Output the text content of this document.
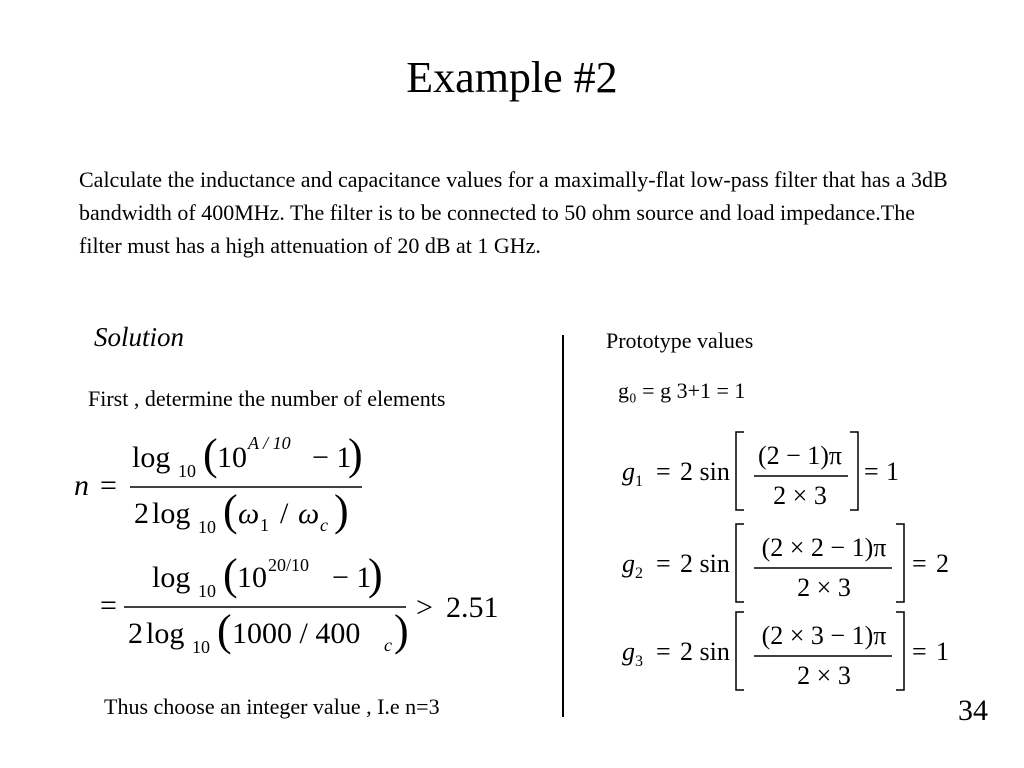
Example #2
Calculate the inductance and capacitance values for a maximally-flat low-pass filter that has a 3dB bandwidth of 400MHz. The filter is to be connected to 50 ohm source and load impedance.The filter must has a high attenuation of 20 dB at 1 GHz.
Solution
First , determine the number of elements
Prototype values
n =
log 10 ( 10 A / 10 − 1
)
2 log 10 ( ω 1 / ω c )
=
log 10 ( 10 20/10 − 1
)
2 log 10 ( 1000 / 400 c ) > 2.51
g₀ = g 3+1 = 1
$g_1 = 2$ sin
(2 − 1)π
2 × 3
= 1
$g_2 = 2$ sin
(2 × 2 − 1)π
2 × 3
= 2
$g_3 = 2$ sin
(2 × 3 − 1)π
2 × 3
= 1
Thus choose an integer value , I.e n=3	34
